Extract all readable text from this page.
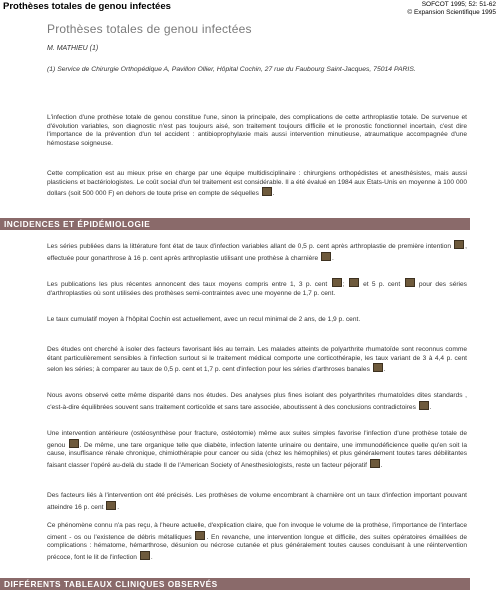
Prothèses totales de genou infectées	SOFCOT 1995; 52: 51-62
© Expansion Scientifique 1995
Prothèses totales de genou infectées
M. MATHIEU (1)
(1) Service de Chirurgie Orthopédique A, Pavillon Ollier, Hôpital Cochin, 27 rue du Faubourg Saint-Jacques, 75014 PARIS.

L'infection d'une prothèse totale de genou constitue l'une, sinon la principale, des complications de cette arthroplastie totale. De survenue et d'évolution variables, son diagnostic n'est pas toujours aisé, son traitement toujours difficile et le pronostic fonctionnel incertain, c'est dire l'importance de la prévention d'un tel accident : antibioprophylaxie mais aussi intervention minutieuse, atraumatique accompagnée d'une hémostase soigneuse.

Cette complication est au mieux prise en charge par une équipe multidisciplinaire : chirurgiens orthopédistes et anesthésistes, mais aussi plasticiens et bactériologistes. Le coût social d'un tel traitement est considérable. Il a été évalué en 1984 aux Etats-Unis en moyenne à 100 000 dollars (soit 500 000 F) en dehors de toute prise en compte de séquelles .

INCIDENCES ET ÉPIDÉMIOLOGIE

Les séries publiées dans la littérature font état de taux d'infection variables allant de 0,5 p. cent après arthroplastie de première intention , effectuée pour gonarthrose à 16 p. cent après arthroplastie utilisant une prothèse à charnière .

Les publications les plus récentes annoncent des taux moyens compris entre 1, 3 p. cent ;  et 5 p. cent	pour des séries d'arthroplasties où sont utilisées des prothèses semi-contraintes avec une moyenne de 1,7 p. cent.

Le taux cumulatif moyen à l'hôpital Cochin est actuellement, avec un recul minimal de 2 ans, de 1,9 p. cent.

Des études ont cherché à isoler des facteurs favorisant liés au terrain. Les malades atteints de polyarthrite rhumatoïde sont reconnus comme étant particulièrement sensibles à l'infection surtout si le traitement médical comporte une corticothérapie, les taux variant de 3 à 4,4 p. cent selon les séries; à comparer au taux de 0,5 p. cent et 1,7 p. cent d'infection pour les séries d'arthroses banales .

Nous avons observé cette même disparité dans nos études. Des analyses plus fines isolant des polyarthrites rhumatoïdes dites standards , c'est-à-dire équilibrées souvent sans traitement corticoïde et sans tare associée, aboutissent à des conclusions contradictoires .

Une intervention antérieure (ostéosynthèse pour fracture, ostéotomie) même aux suites simples favorise l'infection d'une prothèse totale de genou . De même, une tare organique telle que diabète, infection latente urinaire ou dentaire, une immunodéficience quelle qu'en soit la cause, insuffisance rénale chronique, chimiothérapie pour cancer ou sida (chez les hémophiles) et plus généralement toutes tares débilitantes faisant classer l'opéré au-delà du stade II de l'American Society of Anesthesiologists, reste un facteur péjoratif .

Des facteurs liés à l'intervention ont été précisés. Les prothèses de volume encombrant à charnière ont un taux d'infection important pouvant atteindre 16 p. cent .

Ce phénomène connu n'a pas reçu, à l'heure actuelle, d'explication claire, que l'on invoque le volume de la prothèse, l'importance de l'interface ciment - os ou l'existence de débris métalliques . En revanche, une intervention longue et difficile, des suites opératoires émaillées de complications : hématome, hémarthrose, désunion ou nécrose cutanée et plus généralement toutes causes conduisant à une réintervention précoce, font le lit de l'infection .

DIFFÉRENTS TABLEAUX CLINIQUES OBSERVÉS
